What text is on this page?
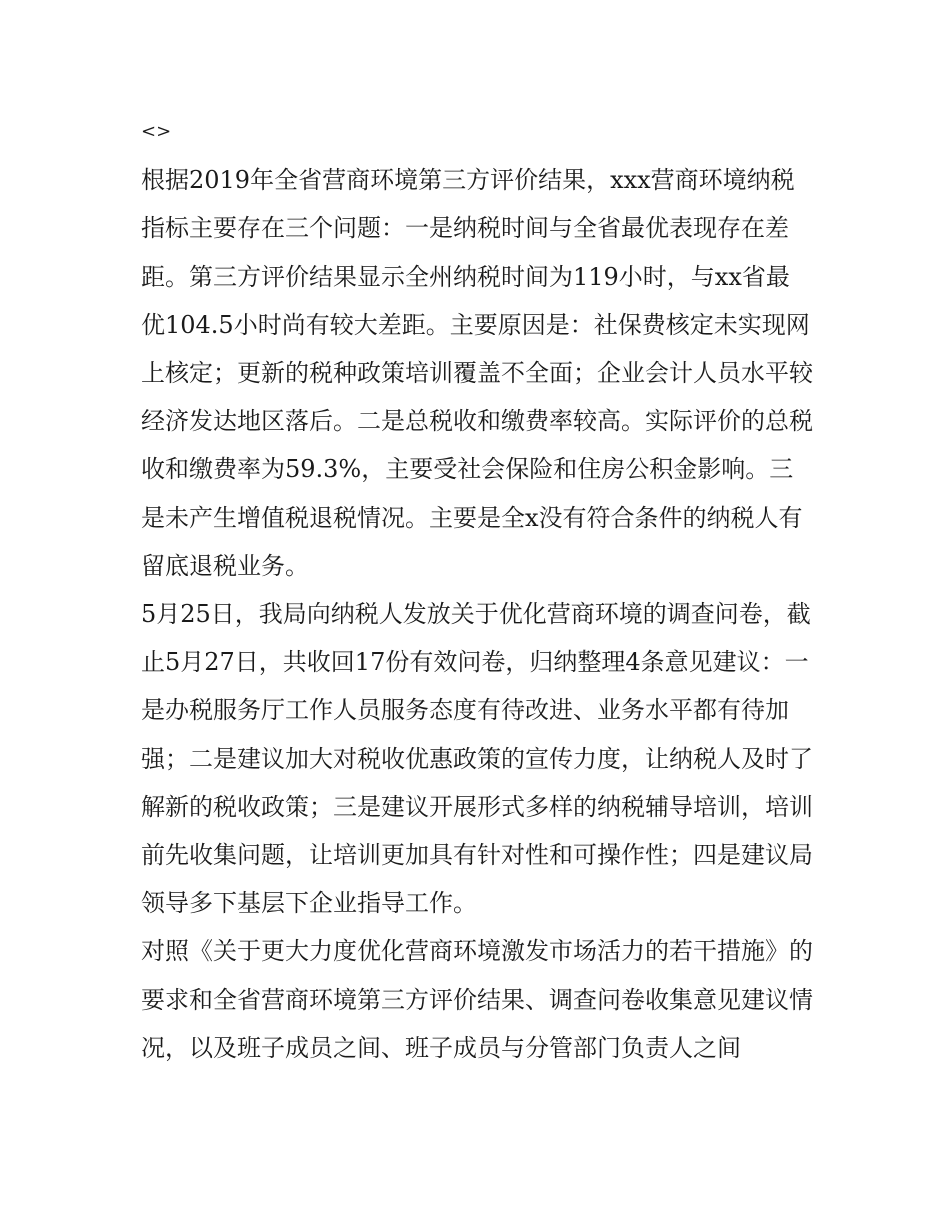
<>

根据2019年全省营商环境第三方评价结果，xxx营商环境纳税指标主要存在三个问题：一是纳税时间与全省最优表现存在差距。第三方评价结果显示全州纳税时间为119小时，与xx省最优104.5小时尚有较大差距。主要原因是：社保费核定未实现网上核定；更新的税种政策培训覆盖不全面；企业会计人员水平较经济发达地区落后。二是总税收和缴费率较高。实际评价的总税收和缴费率为59.3%，主要受社会保险和住房公积金影响。三是未产生增值税退税情况。主要是全x没有符合条件的纳税人有留底退税业务。

5月25日，我局向纳税人发放关于优化营商环境的调查问卷，截止5月27日，共收回17份有效问卷，归纳整理4条意见建议：一是办税服务厅工作人员服务态度有待改进、业务水平都有待加强；二是建议加大对税收优惠政策的宣传力度，让纳税人及时了解新的税收政策；三是建议开展形式多样的纳税辅导培训，培训前先收集问题，让培训更加具有针对性和可操作性；四是建议局领导多下基层下企业指导工作。

对照《关于更大力度优化营商环境激发市场活力的若干措施》的要求和全省营商环境第三方评价结果、调查问卷收集意见建议情况，以及班子成员之间、班子成员与分管部门负责人之间
